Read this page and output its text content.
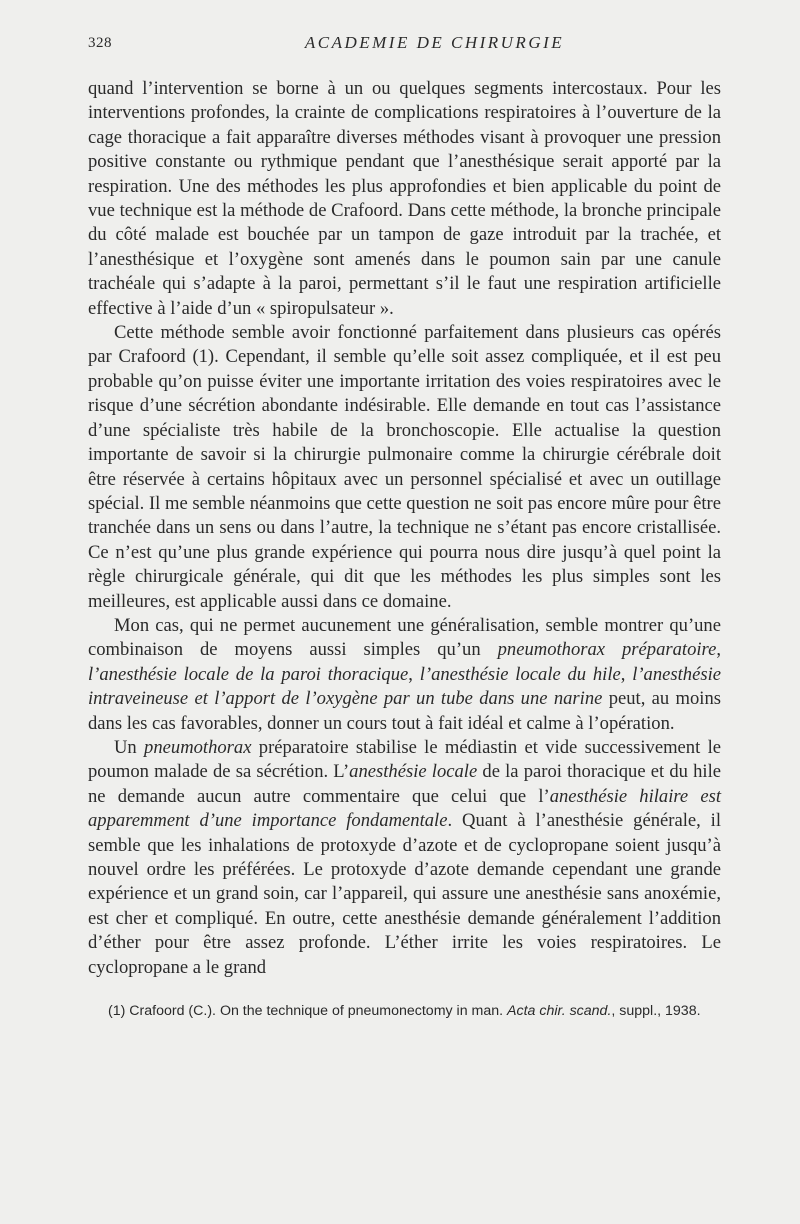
328	ACADEMIE DE CHIRURGIE

quand l’intervention se borne à un ou quelques segments intercostaux. Pour les interventions profondes, la crainte de complications respiratoires à l’ouverture de la cage thoracique a fait apparaître diverses méthodes visant à provoquer une pression positive constante ou rythmique pendant que l’anesthésique serait apporté par la respiration. Une des méthodes les plus approfondies et bien applicable du point de vue technique est la méthode de Crafoord. Dans cette méthode, la bronche principale du côté malade est bouchée par un tampon de gaze introduit par la trachée, et l’anesthésique et l’oxygène sont amenés dans le poumon sain par une canule trachéale qui s’adapte à la paroi, permettant s’il le faut une respiration artificielle effective à l’aide d’un « spiropulsateur ».

Cette méthode semble avoir fonctionné parfaitement dans plusieurs cas opérés par Crafoord (1). Cependant, il semble qu’elle soit assez compliquée, et il est peu probable qu’on puisse éviter une importante irritation des voies respiratoires avec le risque d’une sécrétion abondante indésirable. Elle demande en tout cas l’assistance d’une spécialiste très habile de la bronchoscopie. Elle actualise la question importante de savoir si la chirurgie pulmonaire comme la chirurgie cérébrale doit être réservée à certains hôpitaux avec un personnel spécialisé et avec un outillage spécial. Il me semble néanmoins que cette question ne soit pas encore mûre pour être tranchée dans un sens ou dans l’autre, la technique ne s’étant pas encore cristallisée. Ce n’est qu’une plus grande expérience qui pourra nous dire jusqu’à quel point la règle chirurgicale générale, qui dit que les méthodes les plus simples sont les meilleures, est applicable aussi dans ce domaine.

Mon cas, qui ne permet aucunement une généralisation, semble montrer qu’une combinaison de moyens aussi simples qu’un pneumothorax préparatoire, l’anesthésie locale de la paroi thoracique, l’anesthésie locale du hile, l’anesthésie intraveineuse et l’apport de l’oxygène par un tube dans une narine peut, au moins dans les cas favorables, donner un cours tout à fait idéal et calme à l’opération.

Un pneumothorax préparatoire stabilise le médiastin et vide successivement le poumon malade de sa sécrétion. L’anesthésie locale de la paroi thoracique et du hile ne demande aucun autre commentaire que celui que l’anesthésie hilaire est apparemment d’une importance fondamentale. Quant à l’anesthésie générale, il semble que les inhalations de protoxyde d’azote et de cyclopropane soient jusqu’à nouvel ordre les préférées. Le protoxyde d’azote demande cependant une grande expérience et un grand soin, car l’appareil, qui assure une anesthésie sans anoxémie, est cher et compliqué. En outre, cette anesthésie demande généralement l’addition d’éther pour être assez profonde. L’éther irrite les voies respiratoires. Le cyclopropane a le grand

(1) Crafoord (C.). On the technique of pneumonectomy in man. Acta chir. scand., suppl., 1938.
